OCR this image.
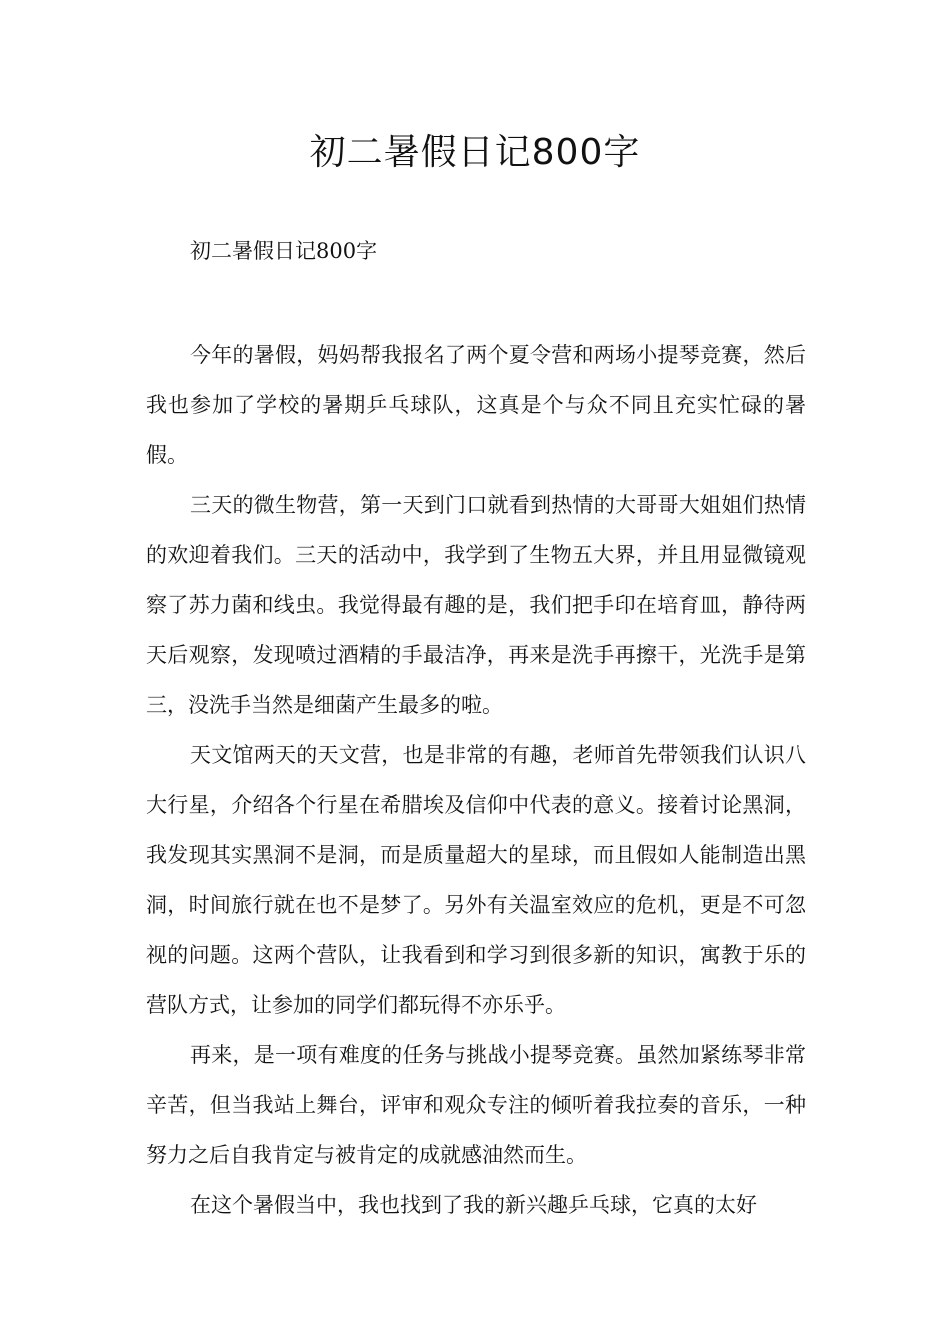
初二暑假日记800字

初二暑假日记800字

今年的暑假，妈妈帮我报名了两个夏令营和两场小提琴竞赛，然后我也参加了学校的暑期乒乓球队，这真是个与众不同且充实忙碌的暑假。

三天的微生物营，第一天到门口就看到热情的大哥哥大姐姐们热情的欢迎着我们。三天的活动中，我学到了生物五大界，并且用显微镜观察了苏力菌和线虫。我觉得最有趣的是，我们把手印在培育皿，静待两天后观察，发现喷过酒精的手最洁净，再来是洗手再擦干，光洗手是第三，没洗手当然是细菌产生最多的啦。

天文馆两天的天文营，也是非常的有趣，老师首先带领我们认识八大行星，介绍各个行星在希腊埃及信仰中代表的意义。接着讨论黑洞，我发现其实黑洞不是洞，而是质量超大的星球，而且假如人能制造出黑洞，时间旅行就在也不是梦了。另外有关温室效应的危机，更是不可忽视的问题。这两个营队，让我看到和学习到很多新的知识，寓教于乐的营队方式，让参加的同学们都玩得不亦乐乎。

再来，是一项有难度的任务与挑战小提琴竞赛。虽然加紧练琴非常辛苦，但当我站上舞台，评审和观众专注的倾听着我拉奏的音乐，一种努力之后自我肯定与被肯定的成就感油然而生。

在这个暑假当中，我也找到了我的新兴趣乒乓球，它真的太好
